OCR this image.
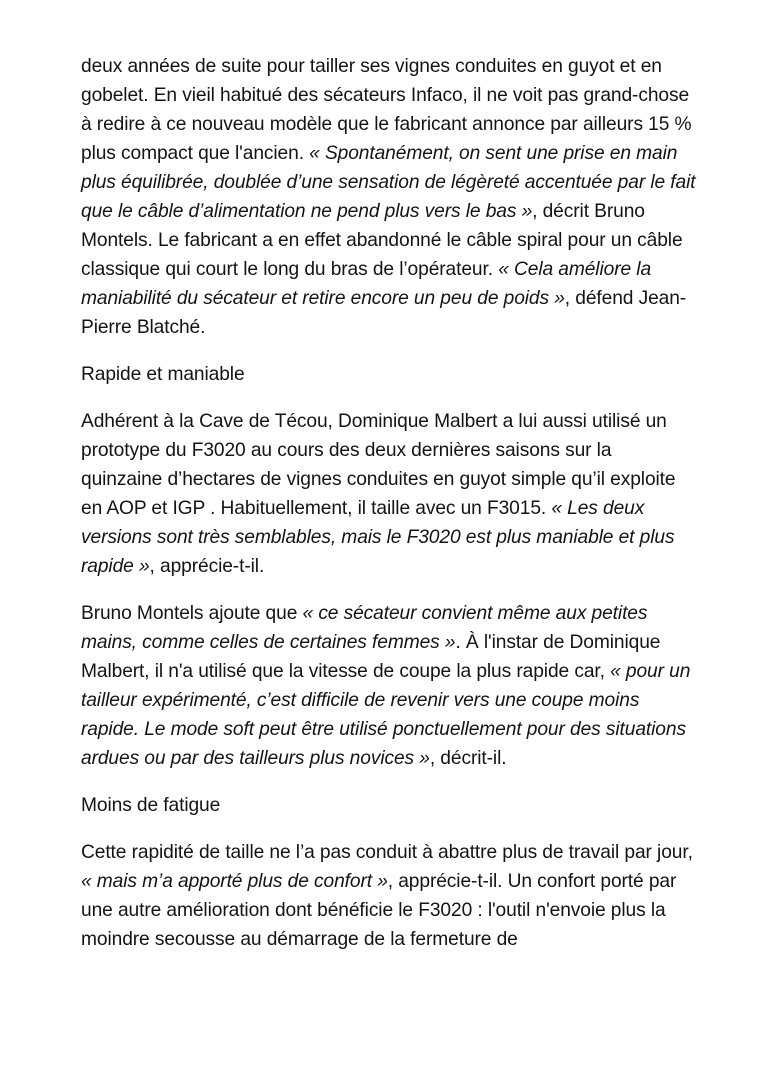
deux années de suite pour tailler ses vignes conduites en guyot et en gobelet. En vieil habitué des sécateurs Infaco, il ne voit pas grand-chose à redire à ce nouveau modèle que le fabricant annonce par ailleurs 15 % plus compact que l'ancien. « Spontanément, on sent une prise en main plus équilibrée, doublée d’une sensation de légèreté accentuée par le fait que le câble d’alimentation ne pend plus vers le bas », décrit Bruno Montels. Le fabricant a en effet abandonné le câble spiral pour un câble classique qui court le long du bras de l’opérateur. « Cela améliore la maniabilité du sécateur et retire encore un peu de poids », défend Jean-Pierre Blatché.

Rapide et maniable

Adhérent à la Cave de Técou, Dominique Malbert a lui aussi utilisé un prototype du F3020 au cours des deux dernières saisons sur la quinzaine d’hectares de vignes conduites en guyot simple qu’il exploite en AOP et IGP . Habituellement, il taille avec un F3015. « Les deux versions sont très semblables, mais le F3020 est plus maniable et plus rapide », apprécie-t-il.

Bruno Montels ajoute que « ce sécateur convient même aux petites mains, comme celles de certaines femmes ». À l'instar de Dominique Malbert, il n'a utilisé que la vitesse de coupe la plus rapide car, « pour un tailleur expérimenté, c’est difficile de revenir vers une coupe moins rapide. Le mode soft peut être utilisé ponctuellement pour des situations ardues ou par des tailleurs plus novices », décrit-il.

Moins de fatigue

Cette rapidité de taille ne l’a pas conduit à abattre plus de travail par jour, « mais m’a apporté plus de confort », apprécie-t-il. Un confort porté par une autre amélioration dont bénéficie le F3020 : l'outil n'envoie plus la moindre secousse au démarrage de la fermeture de
